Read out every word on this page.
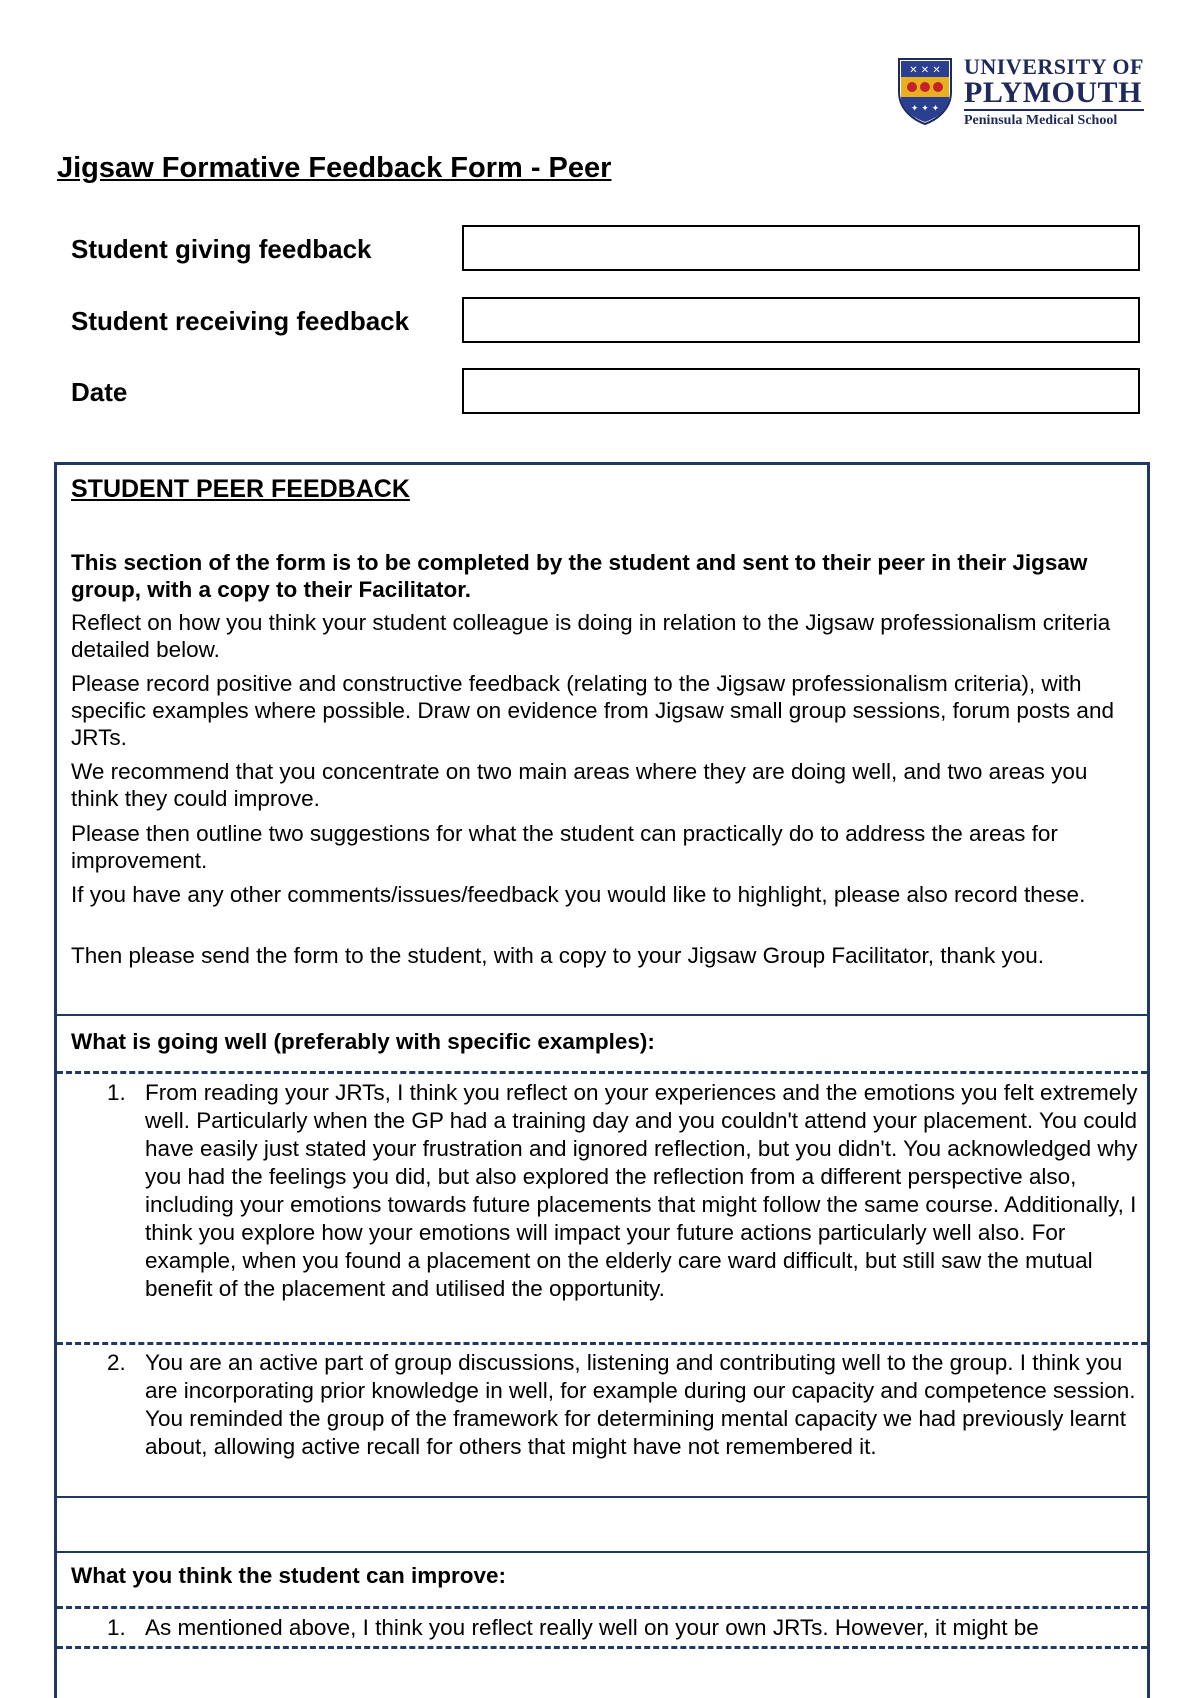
✕ ✕ ✕
✦ ✦ ✦
UNIVERSITY OF
PLYMOUTH
Peninsula Medical School
Jigsaw Formative Feedback Form - Peer
Student giving feedback
Student receiving feedback
Date
STUDENT PEER FEEDBACK
This section of the form is to be completed by the student and sent to their peer in their Jigsaw group, with a copy to their Facilitator.
Reflect on how you think your student colleague is doing in relation to the Jigsaw professionalism criteria detailed below.
Please record positive and constructive feedback (relating to the Jigsaw professionalism criteria), with specific examples where possible. Draw on evidence from Jigsaw small group sessions, forum posts and JRTs.
We recommend that you concentrate on two main areas where they are doing well, and two areas you think they could improve.
Please then outline two suggestions for what the student can practically do to address the areas for improvement.
If you have any other comments/issues/feedback you would like to highlight, please also record these.
Then please send the form to the student, with a copy to your Jigsaw Group Facilitator, thank you.
What is going well (preferably with specific examples):
1. From reading your JRTs, I think you reflect on your experiences and the emotions you felt extremely well. Particularly when the GP had a training day and you couldn't attend your placement. You could have easily just stated your frustration and ignored reflection, but you didn't. You acknowledged why you had the feelings you did, but also explored the reflection from a different perspective also, including your emotions towards future placements that might follow the same course. Additionally, I think you explore how your emotions will impact your future actions particularly well also. For example, when you found a placement on the elderly care ward difficult, but still saw the mutual benefit of the placement and utilised the opportunity.
2. You are an active part of group discussions, listening and contributing well to the group. I think you are incorporating prior knowledge in well, for example during our capacity and competence session. You reminded the group of the framework for determining mental capacity we had previously learnt about, allowing active recall for others that might have not remembered it.
What you think the student can improve:
1. As mentioned above, I think you reflect really well on your own JRTs. However, it might be
